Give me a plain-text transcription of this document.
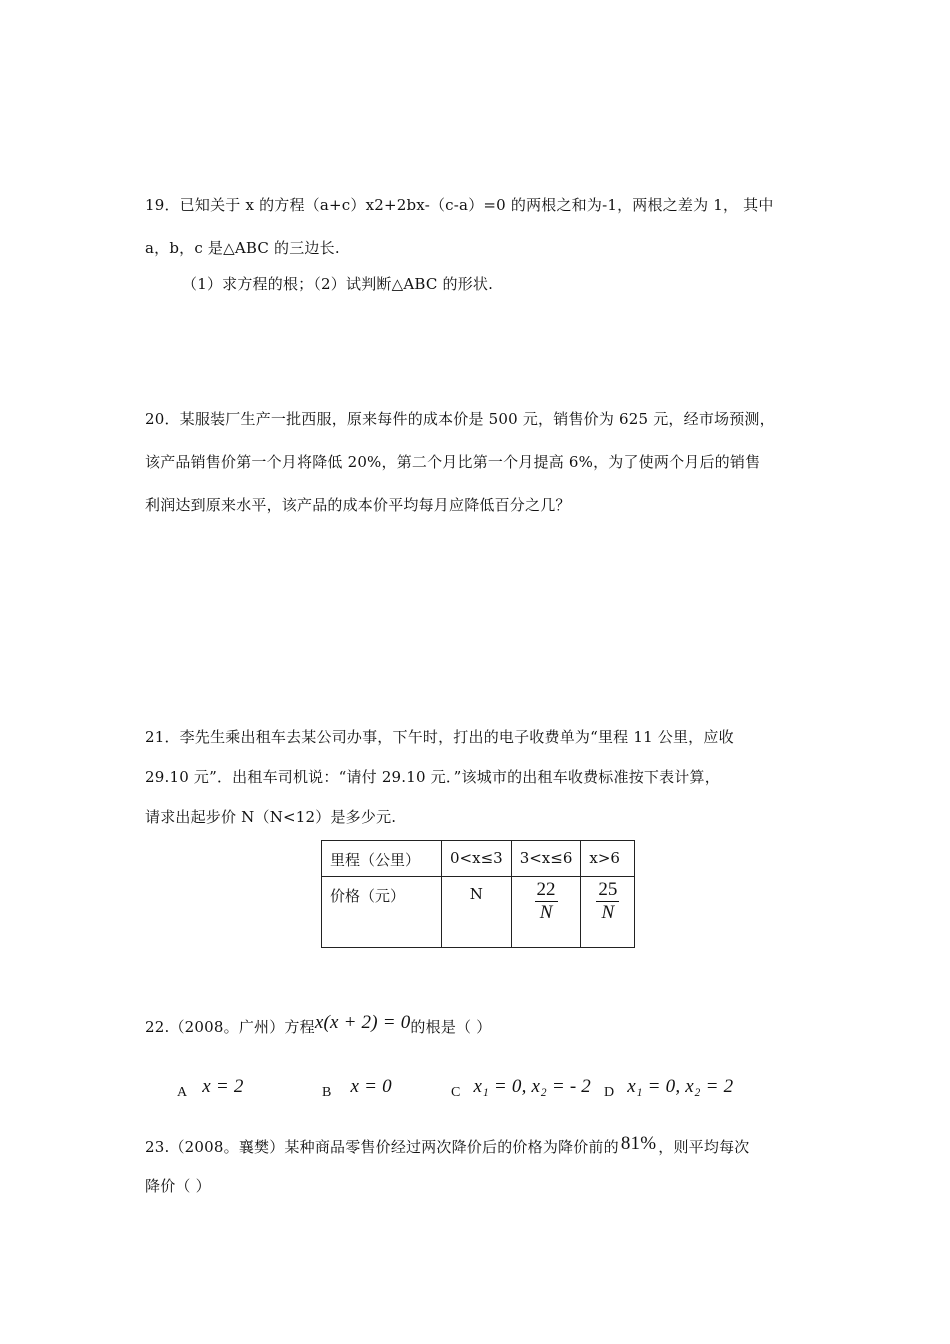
19．已知关于 x 的方程（a+c）x2+2bx-（c-a）=0 的两根之和为-1，两根之差为 1， 其中
a，b，c 是△ABC 的三边长.
（1）求方程的根；（2）试判断△ABC 的形状.
20．某服装厂生产一批西服，原来每件的成本价是 500 元，销售价为 625 元，经市场预测，
该产品销售价第一个月将降低 20%，第二个月比第一个月提高 6%，为了使两个月后的销售
利润达到原来水平，该产品的成本价平均每月应降低百分之几？
21．李先生乘出租车去某公司办事，下午时，打出的电子收费单为“里程 11 公里，应收
29.10 元”．出租车司机说：“请付 29.10 元．”该城市的出租车收费标准按下表计算，
请求出起步价 N（N<12）是多少元.
里程（公里）	0<x≤3	3<x≤6	x>6
价格（元）	N	$\frac{22}{N}$	$\frac{25}{N}$
22.（2008。广州）方程x(x + 2) = 0的根是（ ）
A x = 2	B x = 0	C x₁ = 0, x₂ = - 2 D x₁ = 0, x₂ = 2
23.（2008。襄樊）某种商品零售价经过两次降价后的价格为降价前的 81% ，则平均每次
降价（ ）
